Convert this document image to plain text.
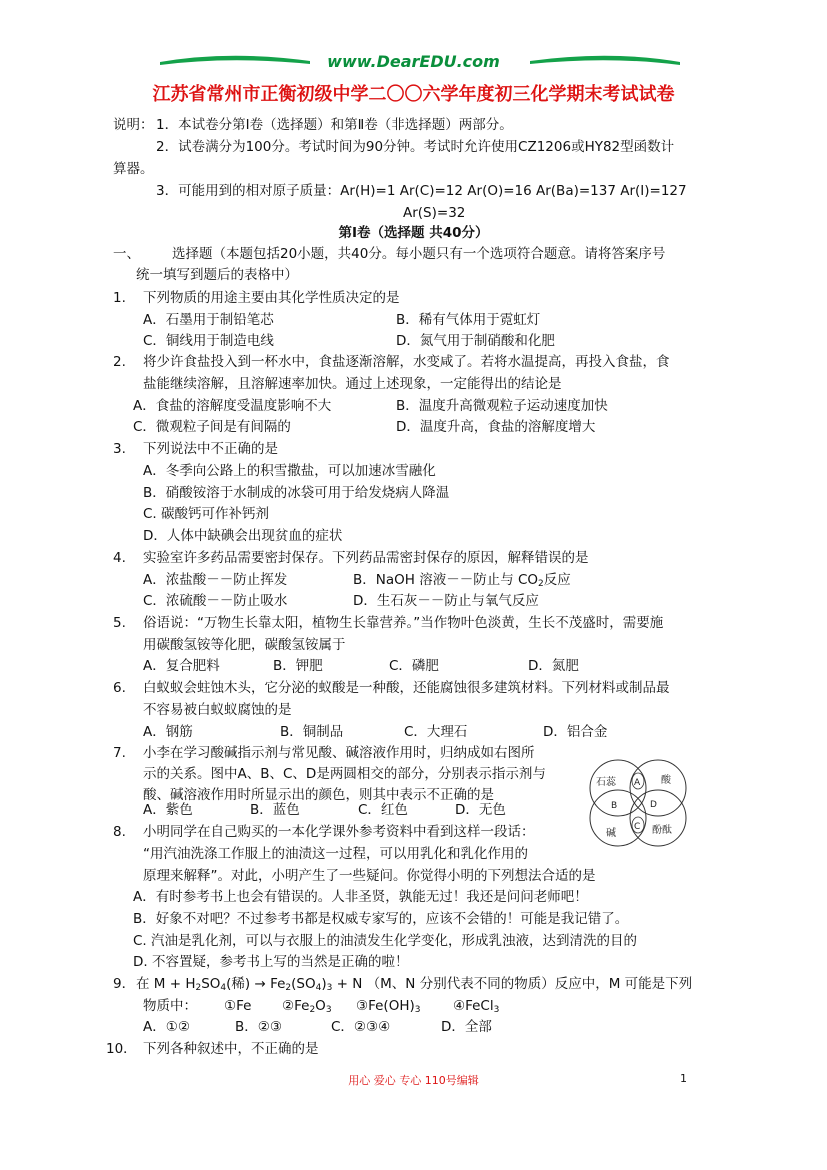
www.DearEDU.com
江苏省常州市正衡初级中学二〇〇六学年度初三化学期末考试试卷
说明： 1．本试卷分第Ⅰ卷（选择题）和第Ⅱ卷（非选择题）两部分。
2．试卷满分为100分。考试时间为90分钟。考试时允许使用CZ1206或HY82型函数计
算器。
3．可能用到的相对原子质量：Ar(H)=1 Ar(C)=12 Ar(O)=16 Ar(Ba)=137 Ar(I)=127
Ar(S)=32
第Ⅰ卷（选择题 共40分）
一、 选择题（本题包括20小题，共40分。每小题只有一个选项符合题意。请将答案序号
统一填写到题后的表格中）
1. 下列物质的用途主要由其化学性质决定的是
A．石墨用于制铅笔芯	B．稀有气体用于霓虹灯
C．铜线用于制造电线	D．氮气用于制硝酸和化肥
2. 将少许食盐投入到一杯水中，食盐逐渐溶解，水变咸了。若将水温提高，再投入食盐，食
盐能继续溶解，且溶解速率加快。通过上述现象，一定能得出的结论是
A．食盐的溶解度受温度影响不大	B．温度升高微观粒子运动速度加快
C．微观粒子间是有间隔的	D．温度升高，食盐的溶解度增大
3. 下列说法中不正确的是
A．冬季向公路上的积雪撒盐，可以加速冰雪融化
B．硝酸铵溶于水制成的冰袋可用于给发烧病人降温
C. 碳酸钙可作补钙剂
D．人体中缺碘会出现贫血的症状
4. 实验室许多药品需要密封保存。下列药品需密封保存的原因，解释错误的是
A．浓盐酸－－防止挥发	B．NaOH 溶液－－防止与 $CO_2$反应
C．浓硫酸－－防止吸水	D．生石灰－－防止与氧气反应
5. 俗语说：“万物生长靠太阳，植物生长靠营养。”当作物叶色淡黄，生长不茂盛时，需要施
用碳酸氢铵等化肥，碳酸氢铵属于
A．复合肥料	B．钾肥	C．磷肥	D．氮肥
6. 白蚁蚁会蛀蚀木头，它分泌的蚁酸是一种酸，还能腐蚀很多建筑材料。下列材料或制品最
不容易被白蚁蚁腐蚀的是
A．钢筋	B．铜制品	C．大理石	D．铝合金
7. 小李在学习酸碱指示剂与常见酸、碱溶液作用时，归纳成如右图所
示的关系。图中A、B、C、D是两圆相交的部分，分别表示指示剂与
酸、碱溶液作用时所显示出的颜色，则其中表示不正确的是
A．紫色	B．蓝色	C．红色	D．无色
石蕊	酸
碱	酚酞
A
B
C
D
8. 小明同学在自己购买的一本化学课外参考资料中看到这样一段话：
“用汽油洗涤工作服上的油渍这一过程，可以用乳化和乳化作用的
原理来解释”。对此，小明产生了一些疑问。你觉得小明的下列想法合适的是
A．有时参考书上也会有错误的。人非圣贤，孰能无过！我还是问问老师吧！
B．好象不对吧？不过参考书都是权威专家写的，应该不会错的！可能是我记错了。
C. 汽油是乳化剂，可以与衣服上的油渍发生化学变化，形成乳浊液，达到清洗的目的
D. 不容置疑，参考书上写的当然是正确的啦！
9． 在 $M + H_2SO_4$(稀) → $Fe_2(SO_4)_3 + N$ （M、N 分别代表不同的物质）反应中，M 可能是下列
物质中： ①Fe $②Fe_2O_3$ $③Fe(OH)_3$ ④FeCl$_3$
A．①②	B．②③	C．②③④	D．全部
10． 下列各种叙述中，不正确的是
用心 爱心 专心 110号编辑	1
